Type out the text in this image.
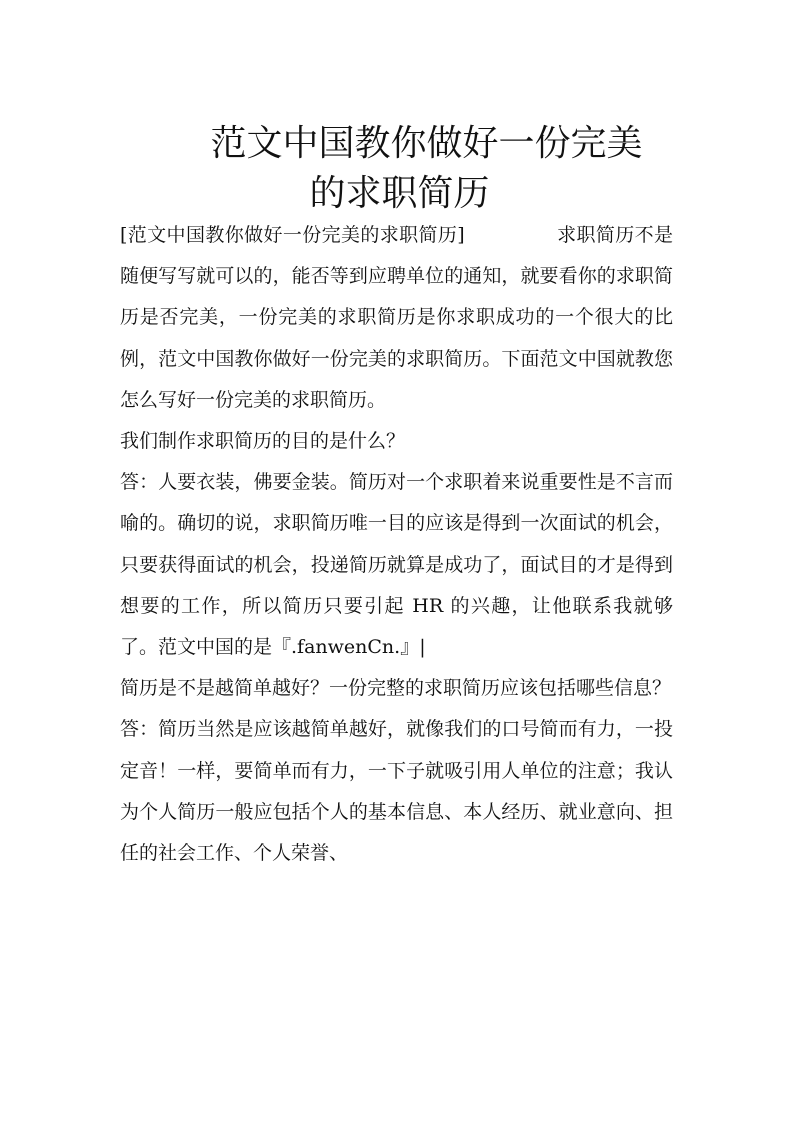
范文中国教你做好一份完美
的求职简历

[范文中国教你做好一份完美的求职简历]	求职简历不是随便写写就可以的，能否等到应聘单位的通知，就要看你的求职简历是否完美，一份完美的求职简历是你求职成功的一个很大的比例，范文中国教你做好一份完美的求职简历。下面范文中国就教您怎么写好一份完美的求职简历。

我们制作求职简历的目的是什么？

答：人要衣装，佛要金装。简历对一个求职着来说重要性是不言而喻的。确切的说，求职简历唯一目的应该是得到一次面试的机会，只要获得面试的机会，投递简历就算是成功了，面试目的才是得到想要的工作，所以简历只要引起 HR 的兴趣，让他联系我就够了。范文中国的是『.fanwenCn.』|

简历是不是越简单越好？一份完整的求职简历应该包括哪些信息？

答：简历当然是应该越简单越好，就像我们的口号简而有力，一投定音！一样，要简单而有力，一下子就吸引用人单位的注意；我认为个人简历一般应包括个人的基本信息、本人经历、就业意向、担任的社会工作、个人荣誉、
